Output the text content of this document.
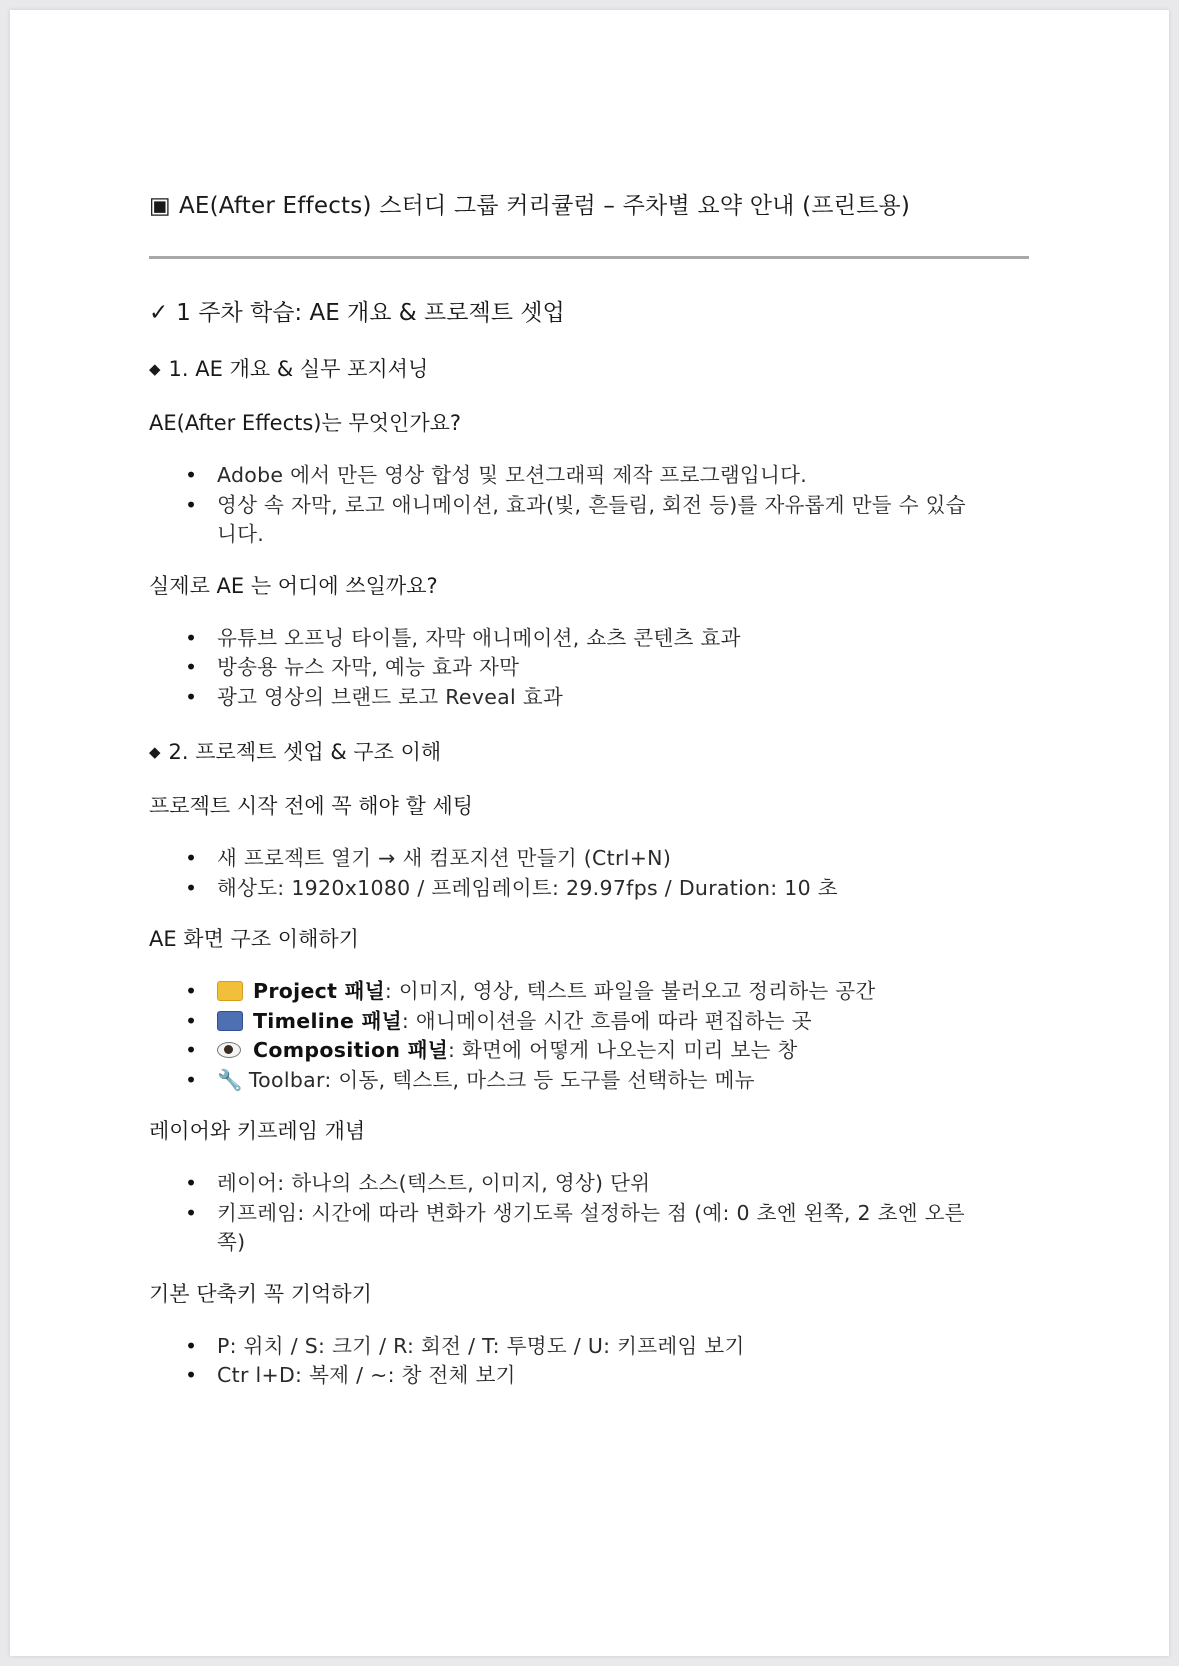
▣ AE(After Effects) 스터디 그룹 커리큘럼 – 주차별 요약 안내 (프린트용)
✓ 1 주차 학습: AE 개요 & 프로젝트 셋업
◆ 1. AE 개요 & 실무 포지셔닝
AE(After Effects)는 무엇인가요?
• Adobe 에서 만든 영상 합성 및 모션그래픽 제작 프로그램입니다.
• 영상 속 자막, 로고 애니메이션, 효과(빛, 흔들림, 회전 등)를 자유롭게 만들 수 있습니다.
실제로 AE 는 어디에 쓰일까요?
• 유튜브 오프닝 타이틀, 자막 애니메이션, 쇼츠 콘텐츠 효과
• 방송용 뉴스 자막, 예능 효과 자막
• 광고 영상의 브랜드 로고 Reveal 효과
◆ 2. 프로젝트 셋업 & 구조 이해
프로젝트 시작 전에 꼭 해야 할 세팅
• 새 프로젝트 열기 → 새 컴포지션 만들기 (Ctrl+N)
• 해상도: 1920x1080 / 프레임레이트: 29.97fps / Duration: 10 초
AE 화면 구조 이해하기
• Project 패널: 이미지, 영상, 텍스트 파일을 불러오고 정리하는 공간
• Timeline 패널: 애니메이션을 시간 흐름에 따라 편집하는 곳
• Composition 패널: 화면에 어떻게 나오는지 미리 보는 창
• 🔧 Toolbar: 이동, 텍스트, 마스크 등 도구를 선택하는 메뉴
레이어와 키프레임 개념
• 레이어: 하나의 소스(텍스트, 이미지, 영상) 단위
• 키프레임: 시간에 따라 변화가 생기도록 설정하는 점 (예: 0 초엔 왼쪽, 2 초엔 오른쪽)
기본 단축키 꼭 기억하기
• P: 위치 / S: 크기 / R: 회전 / T: 투명도 / U: 키프레임 보기
• Ctr l+D: 복제 / ~: 창 전체 보기
